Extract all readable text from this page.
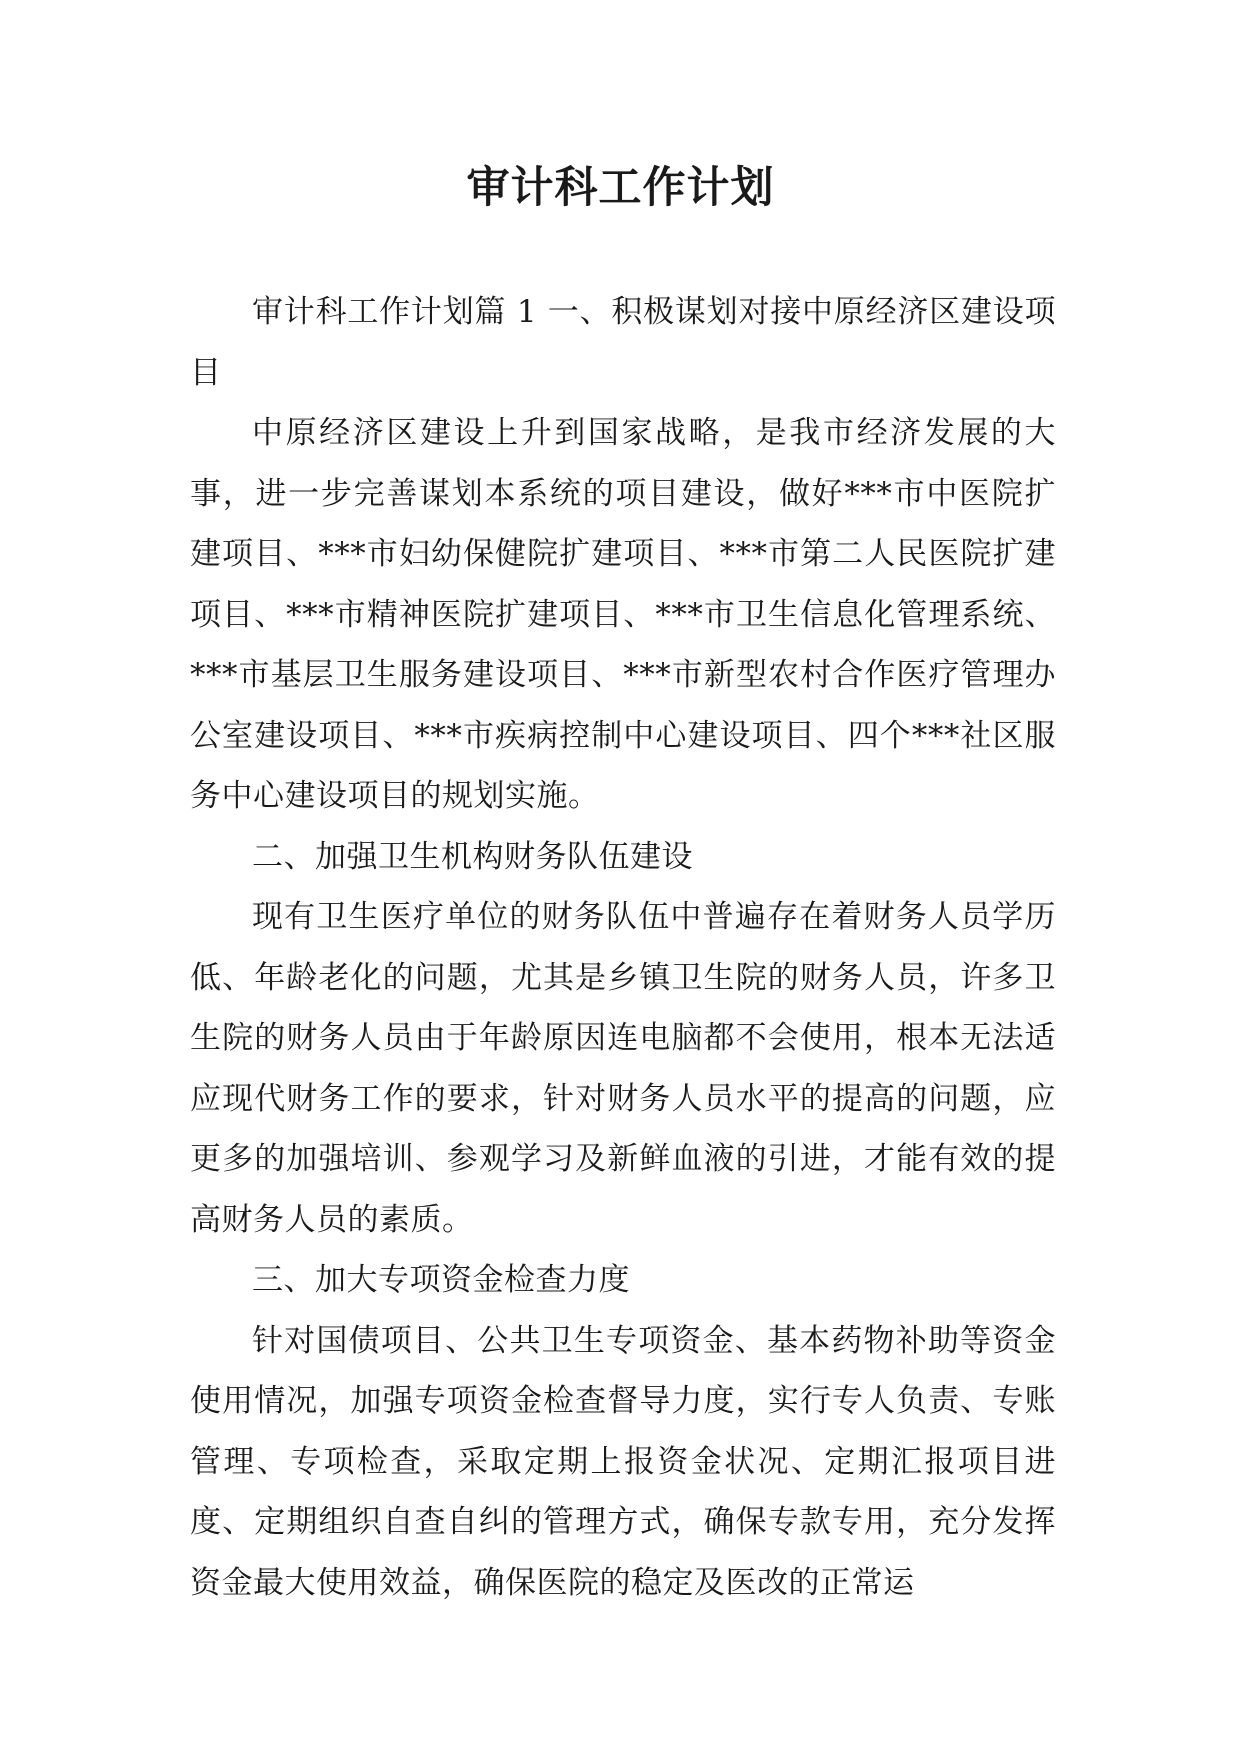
审计科工作计划

审计科工作计划篇 1 一、积极谋划对接中原经济区建设项目

中原经济区建设上升到国家战略，是我市经济发展的大事，进一步完善谋划本系统的项目建设，做好***市中医院扩建项目、***市妇幼保健院扩建项目、***市第二人民医院扩建项目、***市精神医院扩建项目、***市卫生信息化管理系统、***市基层卫生服务建设项目、***市新型农村合作医疗管理办公室建设项目、***市疾病控制中心建设项目、四个***社区服务中心建设项目的规划实施。

二、加强卫生机构财务队伍建设

现有卫生医疗单位的财务队伍中普遍存在着财务人员学历低、年龄老化的问题，尤其是乡镇卫生院的财务人员，许多卫生院的财务人员由于年龄原因连电脑都不会使用，根本无法适应现代财务工作的要求，针对财务人员水平的提高的问题，应更多的加强培训、参观学习及新鲜血液的引进，才能有效的提高财务人员的素质。

三、加大专项资金检查力度

针对国债项目、公共卫生专项资金、基本药物补助等资金使用情况，加强专项资金检查督导力度，实行专人负责、专账管理、专项检查，采取定期上报资金状况、定期汇报项目进度、定期组织自查自纠的管理方式，确保专款专用，充分发挥资金最大使用效益，确保医院的稳定及医改的正常运
